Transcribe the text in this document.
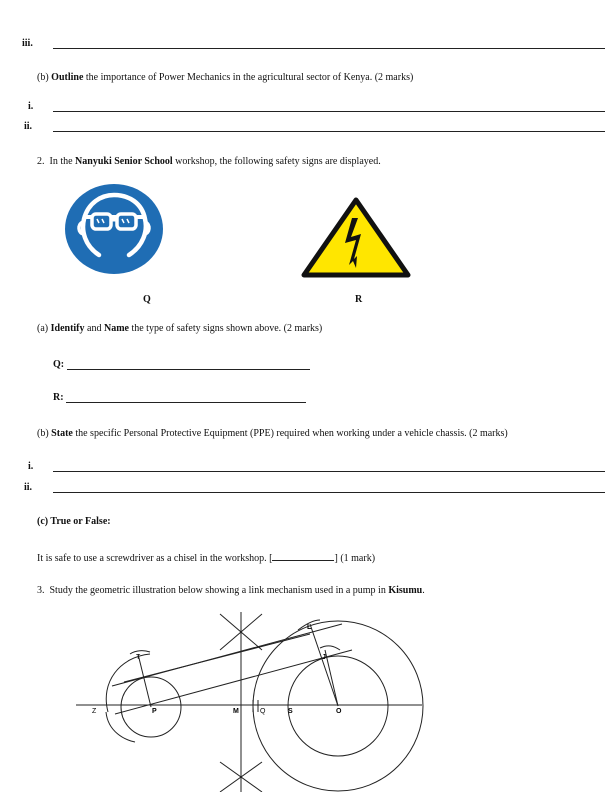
iii.
(b) Outline the importance of Power Mechanics in the agricultural sector of Kenya. (2 marks)
i.
ii.
2. In the Nanyuki Senior School workshop, the following safety signs are displayed.
Q	R
(a) Identify and Name the type of safety signs shown above. (2 marks)
Q:
R:
(b) State the specific Personal Protective Equipment (PPE) required when working under a vehicle chassis. (2 marks)
i.
ii.
(c) True or False:
It is safe to use a screwdriver as a chisel in the workshop. [	] (1 mark)
3. Study the geometric illustration below showing a link mechanism used in a pump in Kisumu.
Z
T
P	M	Q	S	O
L
J
